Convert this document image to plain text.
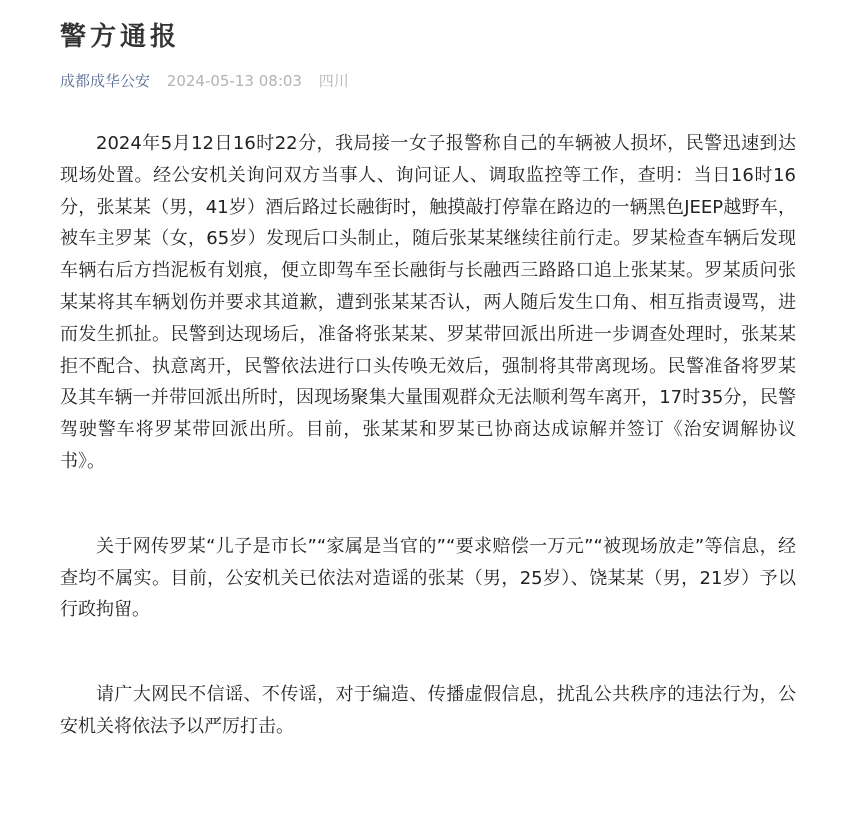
警方通报
成都成华公安 2024-05-13 08:03 四川

2024年5月12日16时22分，我局接一女子报警称自己的车辆被人损坏，民警迅速到达现场处置。经公安机关询问双方当事人、询问证人、调取监控等工作，查明：当日16时16分，张某某（男，41岁）酒后路过长融街时，触摸敲打停靠在路边的一辆黑色JEEP越野车，被车主罗某（女，65岁）发现后口头制止，随后张某某继续往前行走。罗某检查车辆后发现车辆右后方挡泥板有划痕，便立即驾车至长融街与长融西三路路口追上张某某。罗某质问张某某将其车辆划伤并要求其道歉，遭到张某某否认，两人随后发生口角、相互指责谩骂，进而发生抓扯。民警到达现场后，准备将张某某、罗某带回派出所进一步调查处理时，张某某拒不配合、执意离开，民警依法进行口头传唤无效后，强制将其带离现场。民警准备将罗某及其车辆一并带回派出所时，因现场聚集大量围观群众无法顺利驾车离开，17时35分，民警驾驶警车将罗某带回派出所。目前，张某某和罗某已协商达成谅解并签订《治安调解协议书》。

关于网传罗某“儿子是市长”“家属是当官的”“要求赔偿一万元”“被现场放走”等信息，经查均不属实。目前，公安机关已依法对造谣的张某（男，25岁）、饶某某（男，21岁）予以行政拘留。

请广大网民不信谣、不传谣，对于编造、传播虚假信息，扰乱公共秩序的违法行为，公安机关将依法予以严厉打击。
